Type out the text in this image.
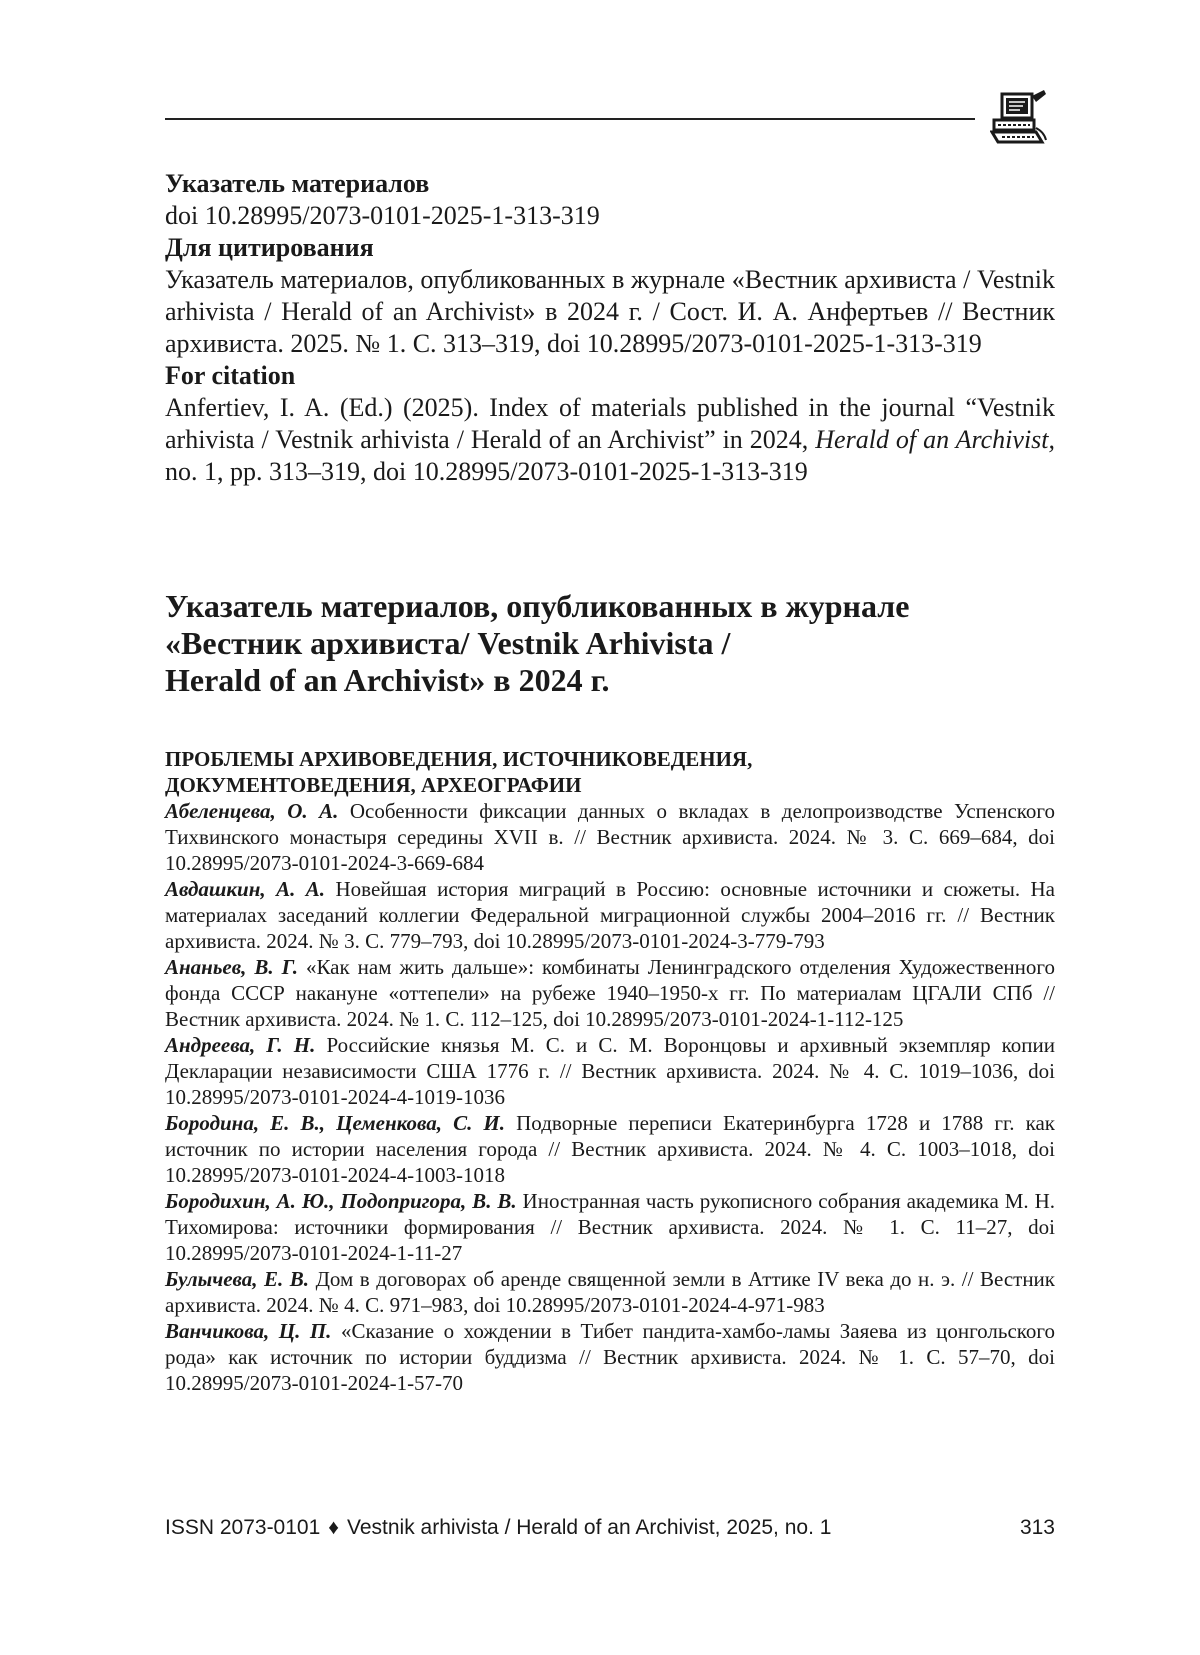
Указатель материалов

doi 10.28995/2073-0101-2025-1-313-319

Для цитирования

Указатель материалов, опубликованных в журнале «Вестник архивиста / Vestnik arhivista / Herald of an Archivist» в 2024 г. / Сост. И. А. Анфертьев // Вестник архивиста. 2025. № 1. С. 313–319, doi 10.28995/2073-0101-2025-1-313-319

For citation

Anfertiev, I. A. (Ed.) (2025). Index of materials published in the journal “Vestnik arhivista / Vestnik arhivista / Herald of an Archivist” in 2024, Herald of an Archivist, no. 1, pp. 313–319, doi 10.28995/2073-0101-2025-1-313-319

Указатель материалов, опубликованных в журнале
«Вестник архивиста/ Vestnik Arhivista /
Herald of an Archivist» в 2024 г.

ПРОБЛЕМЫ АРХИВОВЕДЕНИЯ, ИСТОЧНИКОВЕДЕНИЯ,
ДОКУМЕНТОВЕДЕНИЯ, АРХЕОГРАФИИ

Абеленцева, О. А. Особенности фиксации данных о вкладах в делопроизводстве Успенского Тихвинского монастыря середины XVII в. // Вестник архивиста. 2024. № 3. С. 669–684, doi 10.28995/2073-0101-2024-3-669-684

Авдашкин, А. А. Новейшая история миграций в Россию: основные источники и сюжеты. На материалах заседаний коллегии Федеральной миграционной службы 2004–2016 гг. // Вестник архивиста. 2024. № 3. С. 779–793, doi 10.28995/2073-0101-2024-3-779-793

Ананьев, В. Г. «Как нам жить дальше»: комбинаты Ленинградского отделения Художественного фонда СССР накануне «оттепели» на рубеже 1940–1950-х гг. По материалам ЦГАЛИ СПб // Вестник архивиста. 2024. № 1. С. 112–125, doi 10.28995/2073-0101-2024-1-112-125

Андреева, Г. Н. Российские князья М. С. и С. М. Воронцовы и архивный экземпляр копии Декларации независимости США 1776 г. // Вестник архивиста. 2024. № 4. С. 1019–1036, doi 10.28995/2073-0101-2024-4-1019-1036

Бородина, Е. В., Цеменкова, С. И. Подворные переписи Екатеринбурга 1728 и 1788 гг. как источник по истории населения города // Вестник архивиста. 2024. № 4. С. 1003–1018, doi 10.28995/2073-0101-2024-4-1003-1018

Бородихин, А. Ю., Подопригора, В. В. Иностранная часть рукописного собрания академика М. Н. Тихомирова: источники формирования // Вестник архивиста. 2024. № 1. С. 11–27, doi 10.28995/2073-0101-2024-1-11-27

Булычева, Е. В. Дом в договорах об аренде священной земли в Аттике IV века до н. э. // Вестник архивиста. 2024. № 4. С. 971–983, doi 10.28995/2073-0101-2024-4-971-983

Ванчикова, Ц. П. «Сказание о хождении в Тибет пандита-хамбо-ламы Заяева из цонгольского рода» как источник по истории буддизма // Вестник архивиста. 2024. № 1. С. 57–70, doi 10.28995/2073-0101-2024-1-57-70

ISSN 2073-0101 ♦ Vestnik arhivista / Herald of an Archivist, 2025, no. 1	313
